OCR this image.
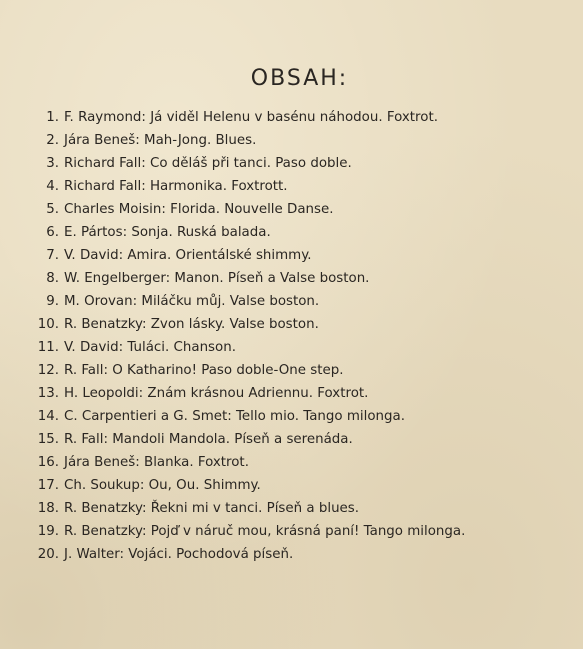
OBSAH:
1. F. Raymond: Já viděl Helenu v basénu náhodou. Foxtrot.
2. Jára Beneš: Mah-Jong. Blues.
3. Richard Fall: Co děláš při tanci. Paso doble.
4. Richard Fall: Harmonika. Foxtrott.
5. Charles Moisin: Florida. Nouvelle Danse.
6. E. Pártos: Sonja. Ruská balada.
7. V. David: Amira. Orientálské shimmy.
8. W. Engelberger: Manon. Píseň a Valse boston.
9. M. Orovan: Miláčku můj. Valse boston.
10. R. Benatzky: Zvon lásky. Valse boston.
11. V. David: Tuláci. Chanson.
12. R. Fall: O Katharino! Paso doble-One step.
13. H. Leopoldi: Znám krásnou Adriennu. Foxtrot.
14. C. Carpentieri a G. Smet: Tello mio. Tango milonga.
15. R. Fall: Mandoli Mandola. Píseň a serenáda.
16. Jára Beneš: Blanka. Foxtrot.
17. Ch. Soukup: Ou, Ou. Shimmy.
18. R. Benatzky: Řekni mi v tanci. Píseň a blues.
19. R. Benatzky: Pojď v náruč mou, krásná paní! Tango milonga.
20. J. Walter: Vojáci. Pochodová píseň.
